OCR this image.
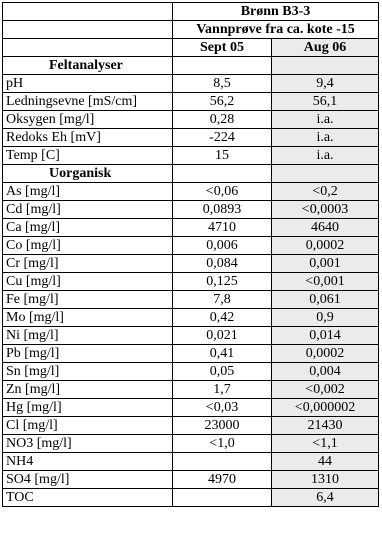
	Brønn B3-3	
	Vannprøve fra ca. kote -15	
	Sept 05	Aug 06
Feltanalyser		
pH	8,5	9,4
Ledningsevne [mS/cm]	56,2	56,1
Oksygen [mg/l]	0,28	i.a.
Redoks Eh [mV]	-224	i.a.
Temp [C]	15	i.a.
Uorganisk		
As [mg/l]	<0,06	<0,2
Cd [mg/l]	0,0893	<0,0003
Ca [mg/l]	4710	4640
Co [mg/l]	0,006	0,0002
Cr [mg/l]	0,084	0,001
Cu [mg/l]	0,125	<0,001
Fe [mg/l]	7,8	0,061
Mo [mg/l]	0,42	0,9
Ni [mg/l]	0,021	0,014
Pb [mg/l]	0,41	0,0002
Sn [mg/l]	0,05	0,004
Zn [mg/l]	1,7	<0,002
Hg [mg/l]	<0,03	<0,000002
Cl [mg/l]	23000	21430
NO3 [mg/l]	<1,0	<1,1
NH4		44
SO4 [mg/l]	4970	1310
TOC		6,4
